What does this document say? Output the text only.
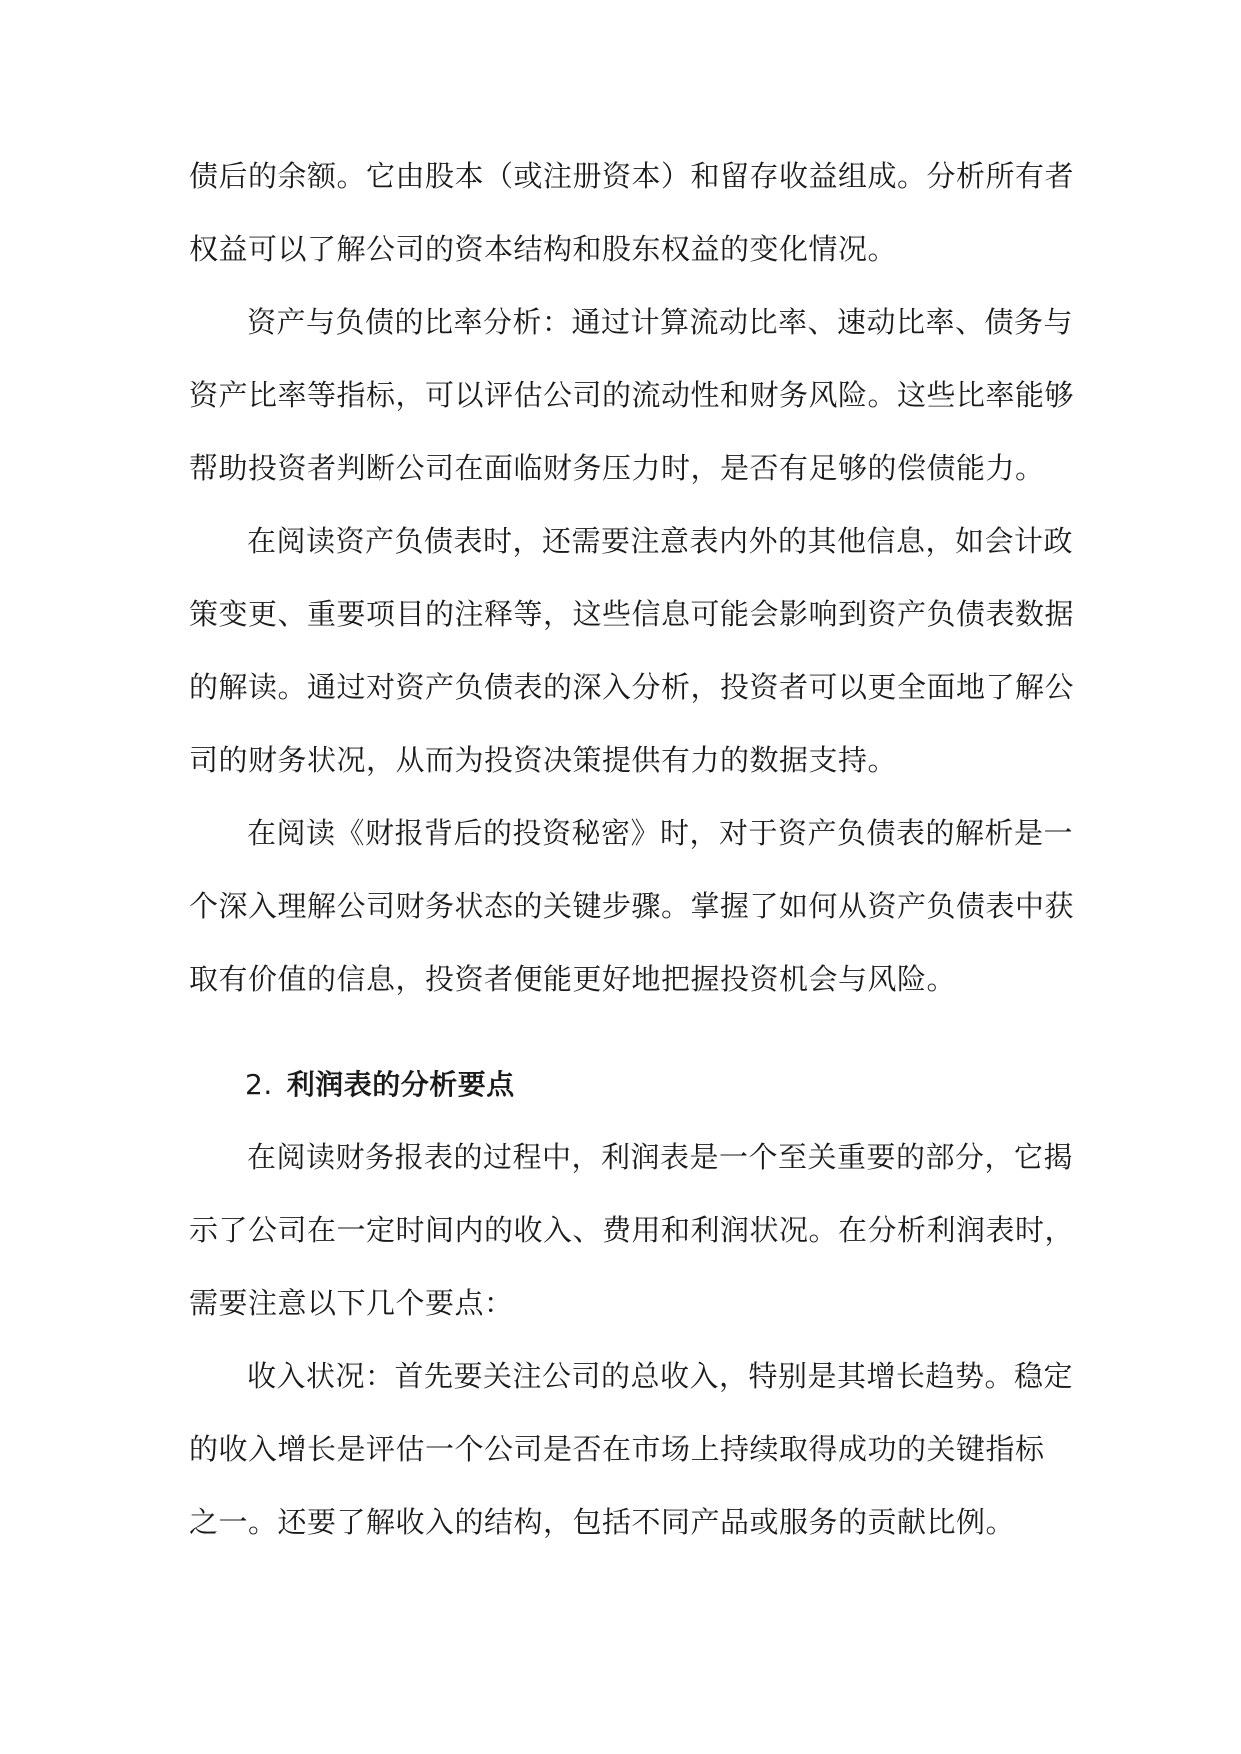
债后的余额。它由股本（或注册资本）和留存收益组成。分析所有者
权益可以了解公司的资本结构和股东权益的变化情况。

资产与负债的比率分析：通过计算流动比率、速动比率、债务与
资产比率等指标，可以评估公司的流动性和财务风险。这些比率能够
帮助投资者判断公司在面临财务压力时，是否有足够的偿债能力。

在阅读资产负债表时，还需要注意表内外的其他信息，如会计政
策变更、重要项目的注释等，这些信息可能会影响到资产负债表数据
的解读。通过对资产负债表的深入分析，投资者可以更全面地了解公
司的财务状况，从而为投资决策提供有力的数据支持。

在阅读《财报背后的投资秘密》时，对于资产负债表的解析是一
个深入理解公司财务状态的关键步骤。掌握了如何从资产负债表中获
取有价值的信息，投资者便能更好地把握投资机会与风险。

2. 利润表的分析要点

在阅读财务报表的过程中，利润表是一个至关重要的部分，它揭
示了公司在一定时间内的收入、费用和利润状况。在分析利润表时，
需要注意以下几个要点：

收入状况：首先要关注公司的总收入，特别是其增长趋势。稳定
的收入增长是评估一个公司是否在市场上持续取得成功的关键指标
之一。还要了解收入的结构，包括不同产品或服务的贡献比例。
